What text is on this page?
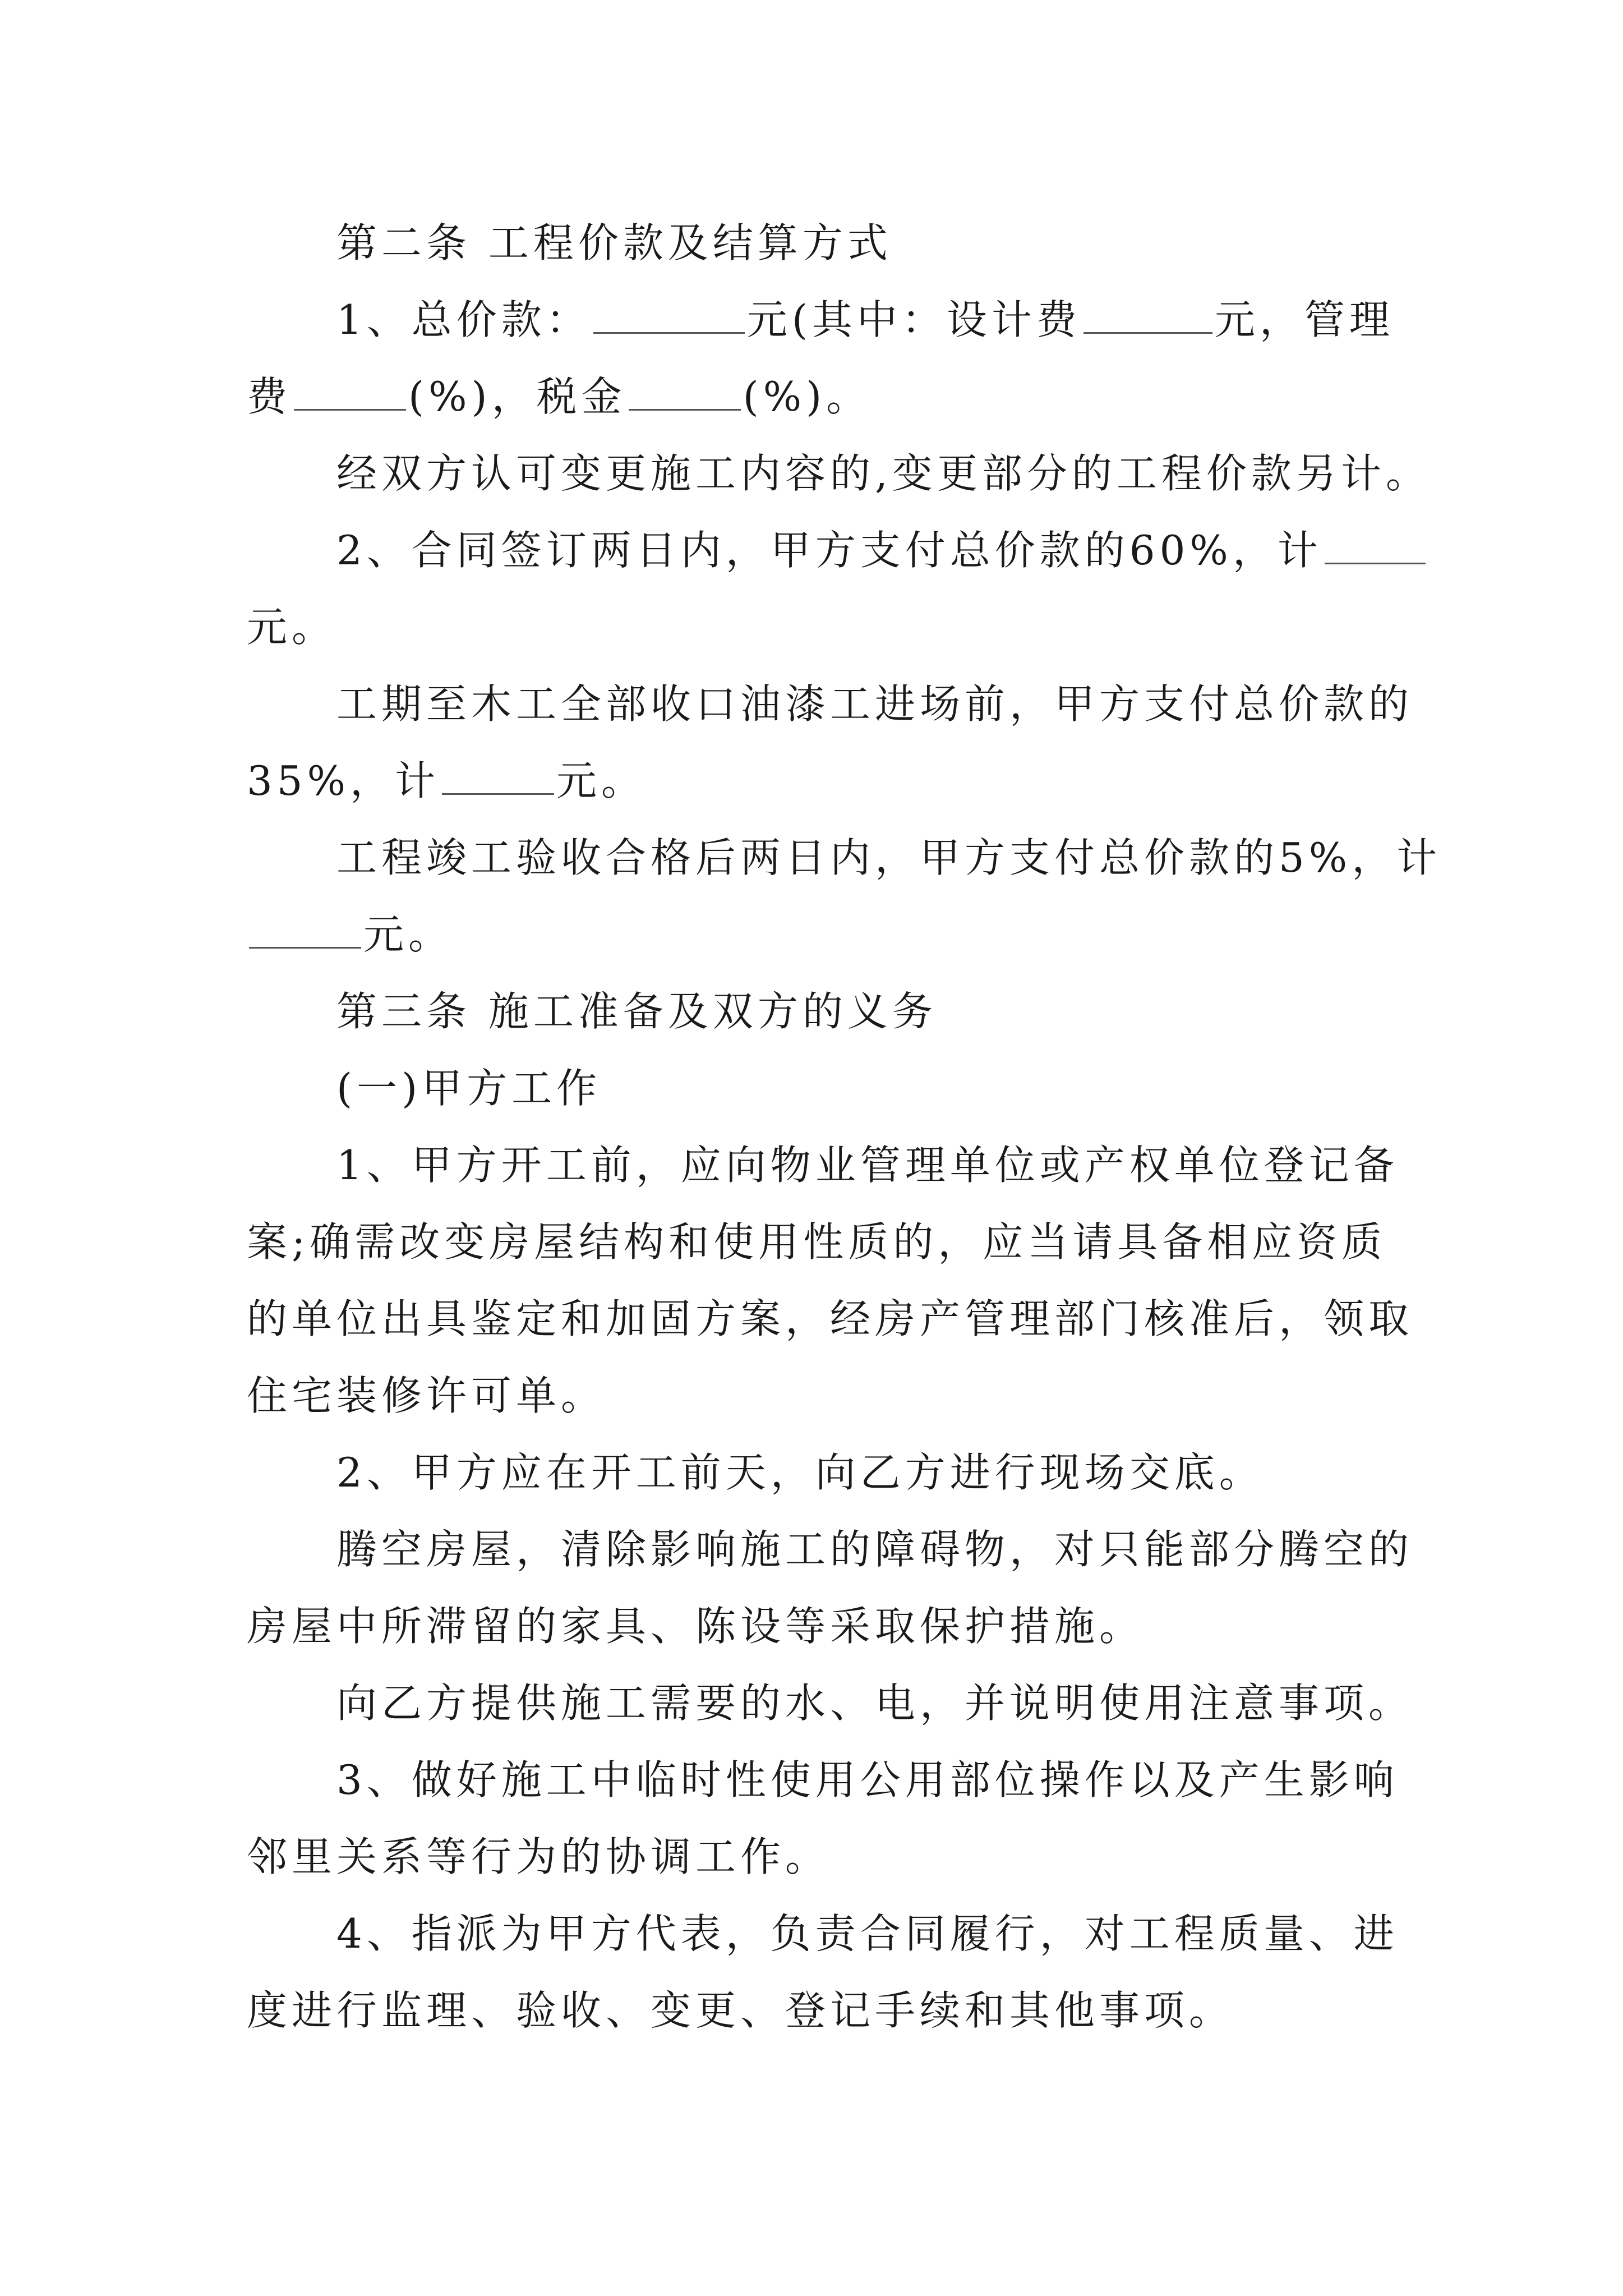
第二条 工程价款及结算方式
1、总价款：	元(其中：设计费	元，管理
费	(%)，税金	(%)。
经双方认可变更施工内容的,变更部分的工程价款另计。
2、合同签订两日内，甲方支付总价款的60%，计
元。
工期至木工全部收口油漆工进场前，甲方支付总价款的
35%，计	元。
工程竣工验收合格后两日内，甲方支付总价款的5%，计
元。
第三条 施工准备及双方的义务
(一)甲方工作
1、甲方开工前，应向物业管理单位或产权单位登记备
案;确需改变房屋结构和使用性质的，应当请具备相应资质
的单位出具鉴定和加固方案，经房产管理部门核准后，领取
住宅装修许可单。
2、甲方应在开工前天，向乙方进行现场交底。
腾空房屋，清除影响施工的障碍物，对只能部分腾空的
房屋中所滞留的家具、陈设等采取保护措施。
向乙方提供施工需要的水、电，并说明使用注意事项。
3、做好施工中临时性使用公用部位操作以及产生影响
邻里关系等行为的协调工作。
4、指派为甲方代表，负责合同履行，对工程质量、进
度进行监理、验收、变更、登记手续和其他事项。
